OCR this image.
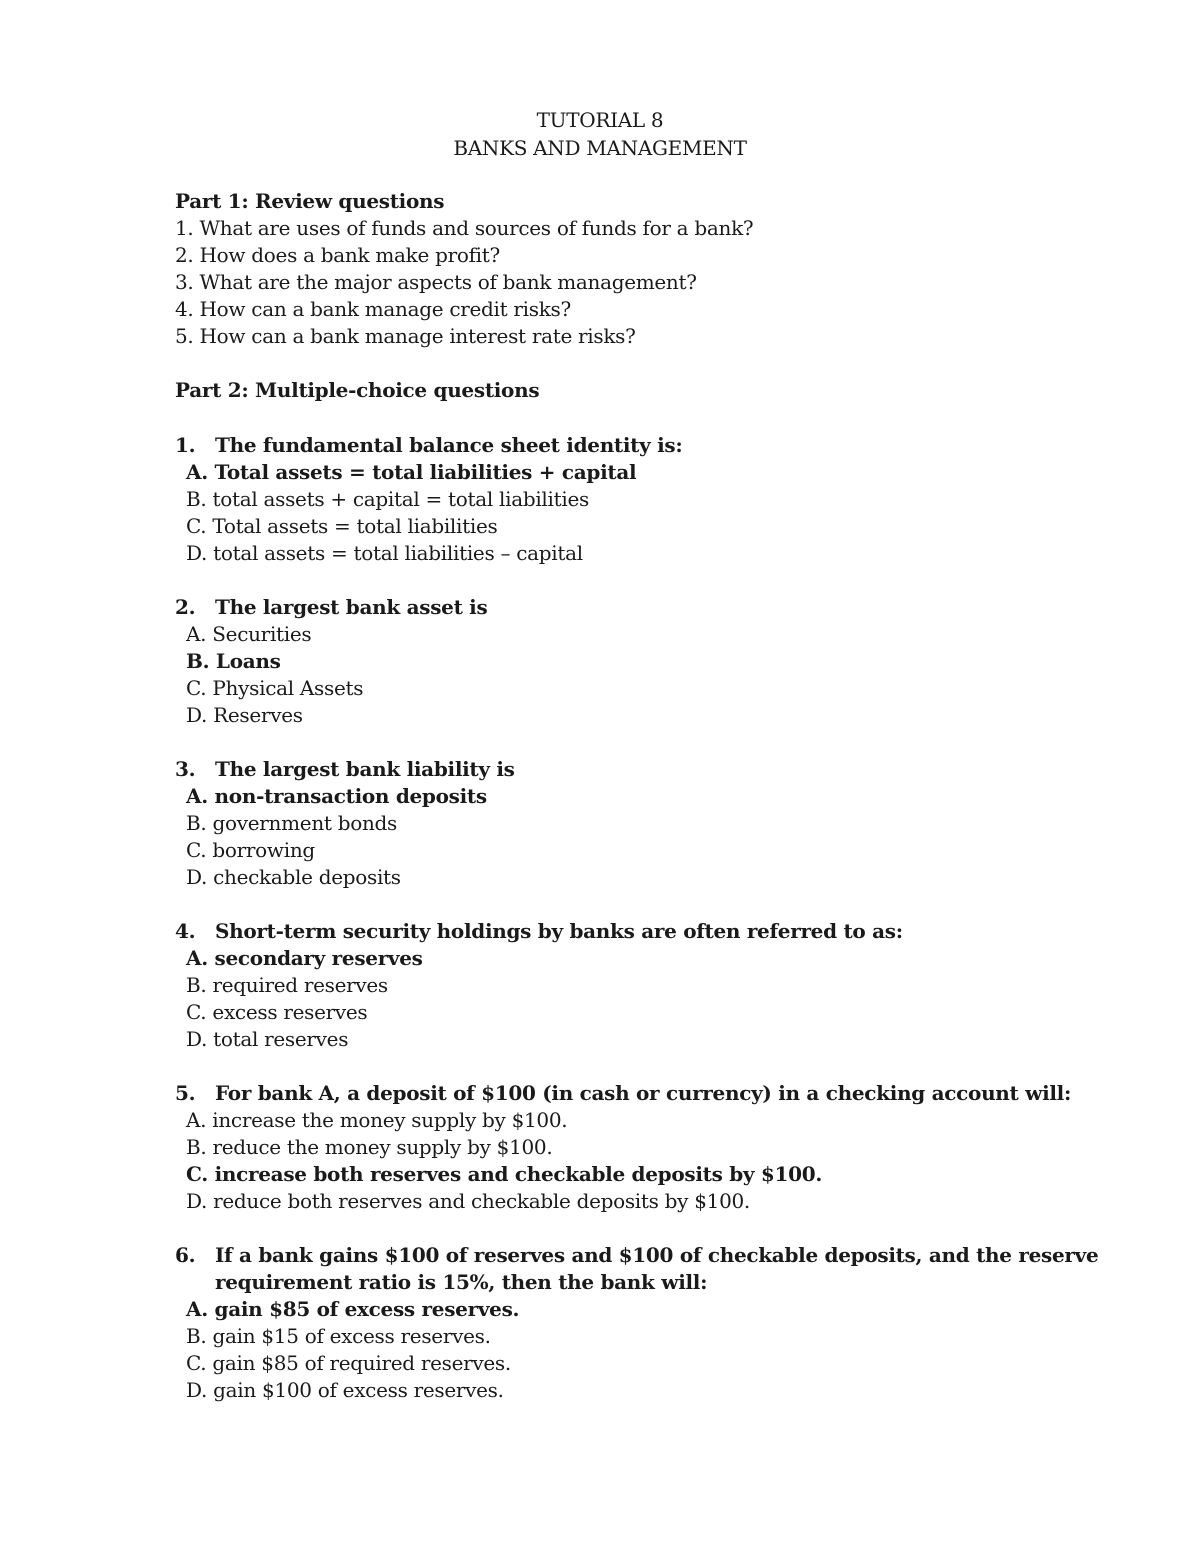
TUTORIAL 8
BANKS AND MANAGEMENT
Part 1: Review questions
1. What are uses of funds and sources of funds for a bank?
2. How does a bank make profit?
3. What are the major aspects of bank management?
4. How can a bank manage credit risks?
5. How can a bank manage interest rate risks?
Part 2: Multiple-choice questions
1. The fundamental balance sheet identity is:
A. Total assets = total liabilities + capital
B. total assets + capital = total liabilities
C. Total assets = total liabilities
D. total assets = total liabilities – capital
2. The largest bank asset is
A. Securities
B. Loans
C. Physical Assets
D. Reserves
3. The largest bank liability is
A. non-transaction deposits
B. government bonds
C. borrowing
D. checkable deposits
4. Short-term security holdings by banks are often referred to as:
A. secondary reserves
B. required reserves
C. excess reserves
D. total reserves
5. For bank A, a deposit of $100 (in cash or currency) in a checking account will:
A. increase the money supply by $100.
B. reduce the money supply by $100.
C. increase both reserves and checkable deposits by $100.
D. reduce both reserves and checkable deposits by $100.
6. If a bank gains $100 of reserves and $100 of checkable deposits, and the reserve
requirement ratio is 15%, then the bank will:
A. gain $85 of excess reserves.
B. gain $15 of excess reserves.
C. gain $85 of required reserves.
D. gain $100 of excess reserves.
